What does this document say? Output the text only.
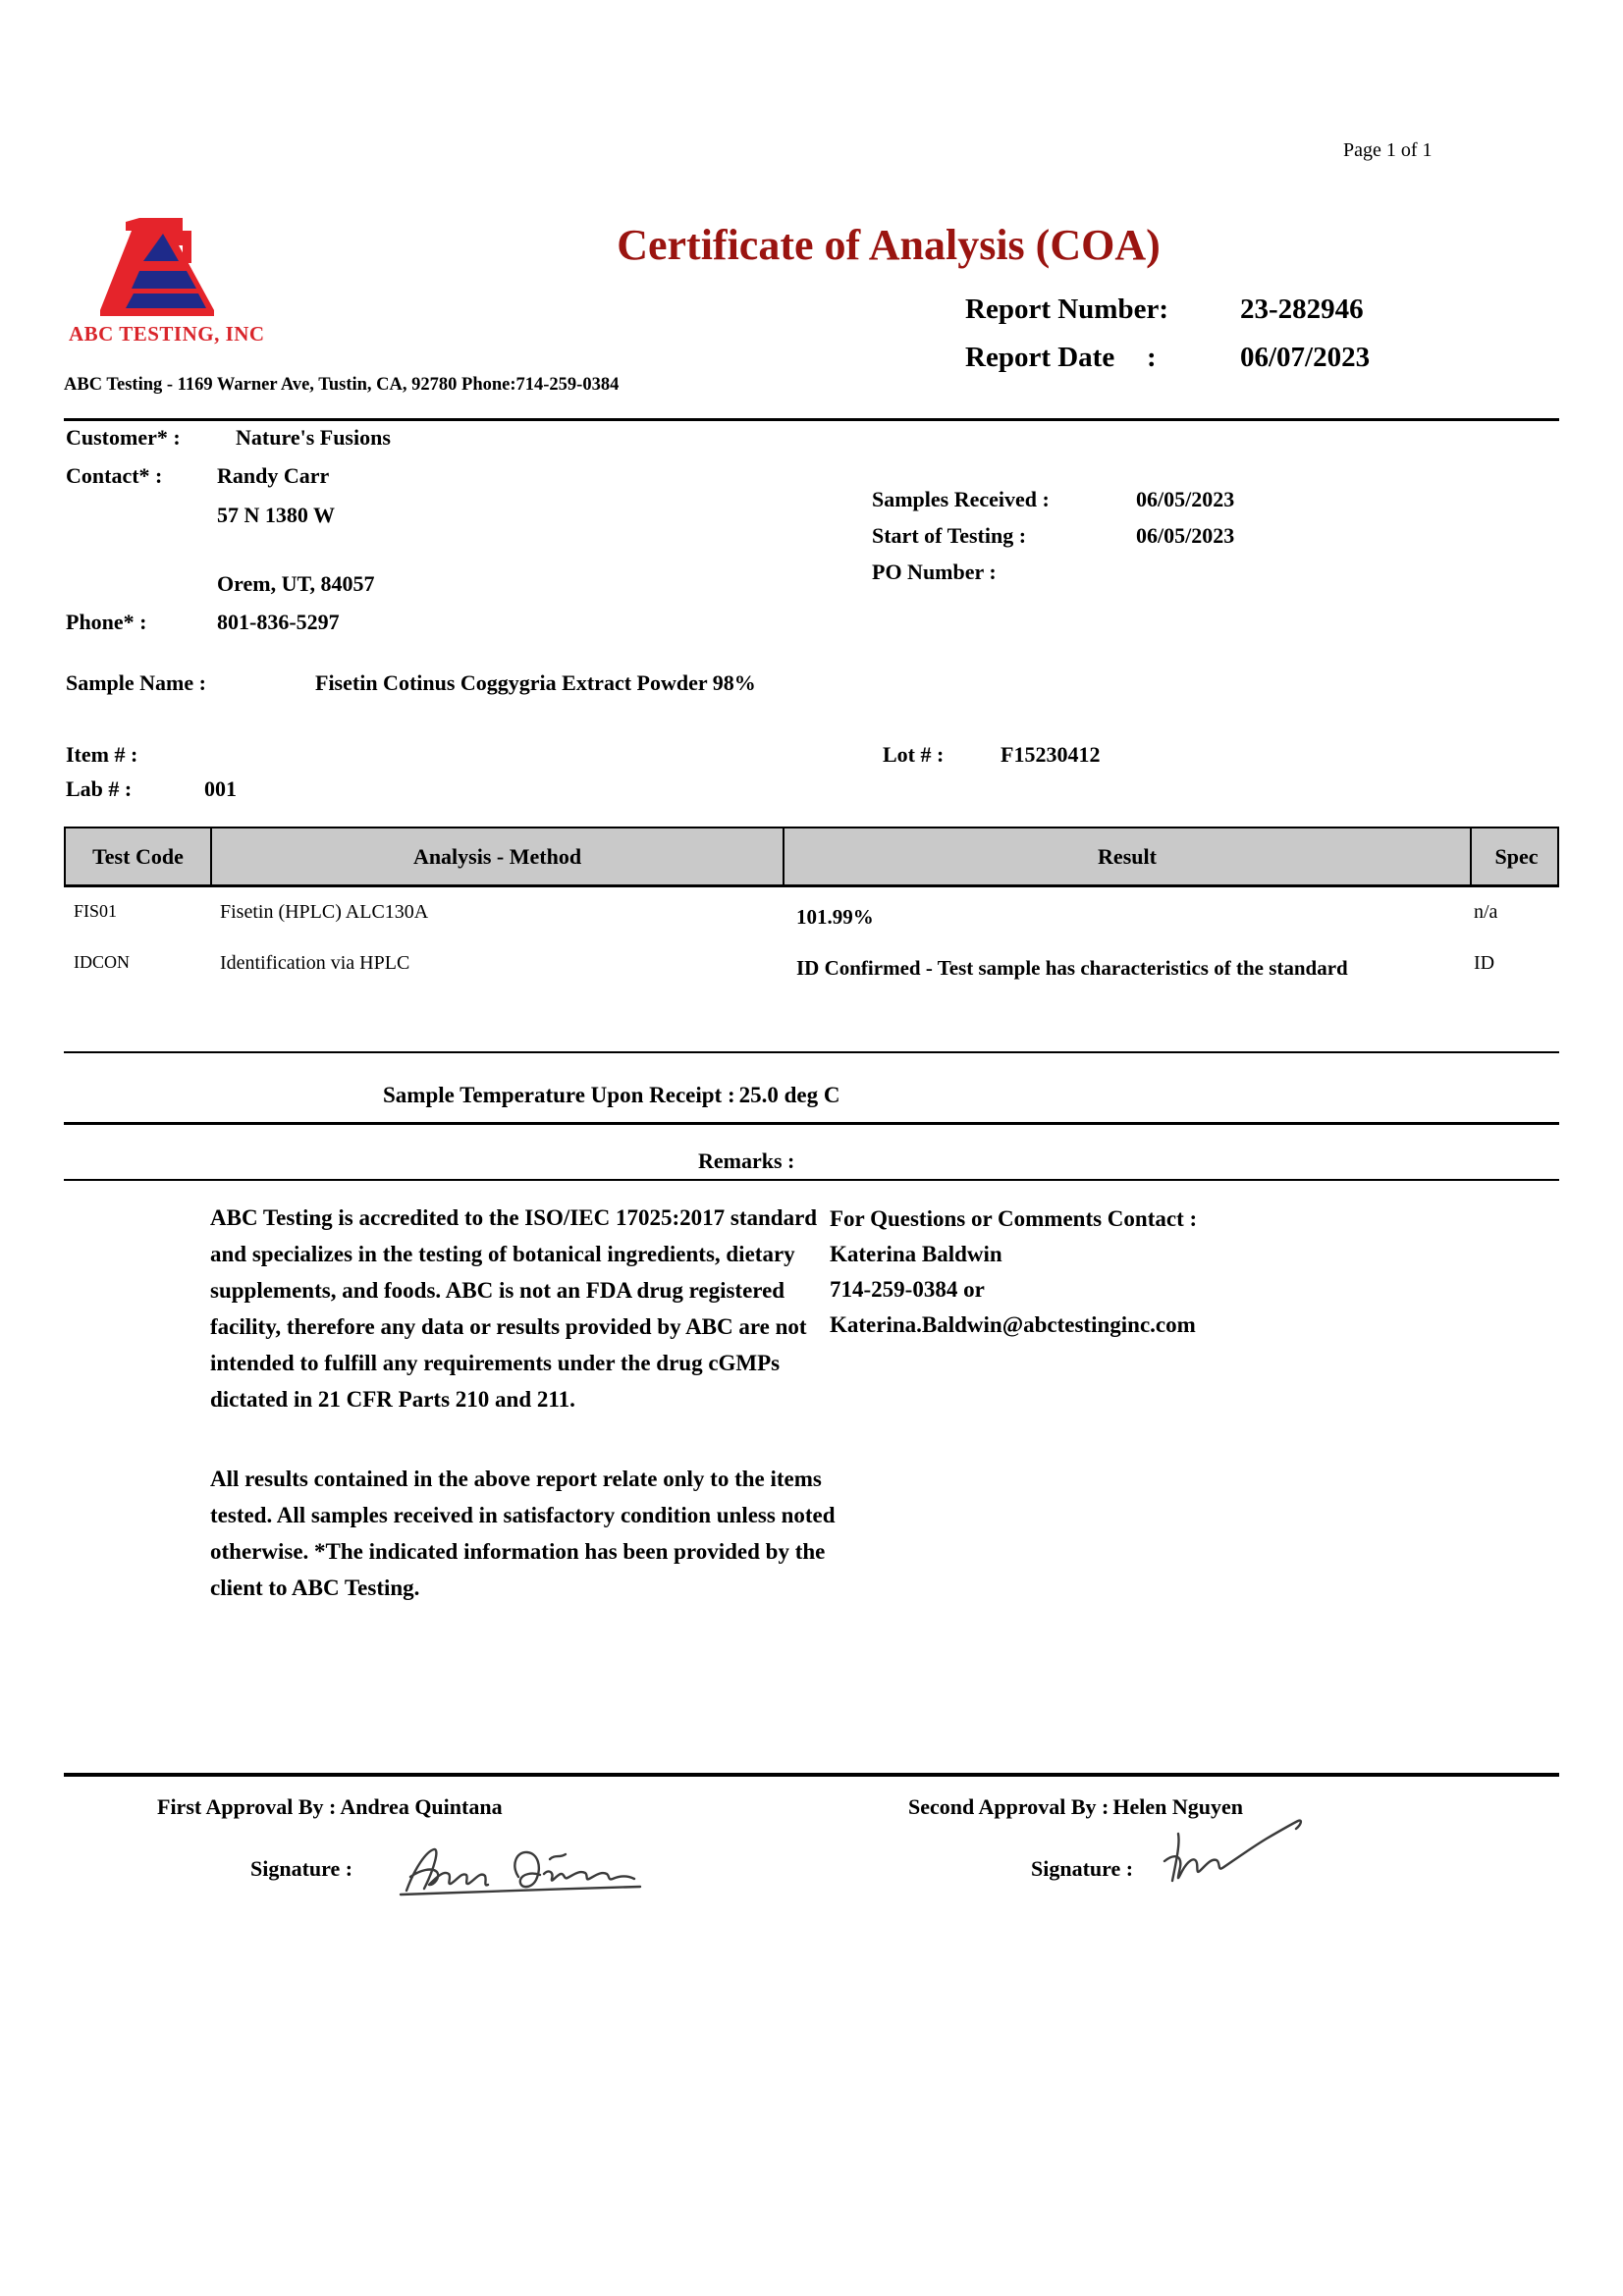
Page 1 of 1
ABC TESTING, INC
Certificate of Analysis (COA)
Report Number:	23-282946
Report Date :	06/07/2023
ABC Testing - 1169 Warner Ave, Tustin, CA, 92780 Phone:714-259-0384
Customer* :	Nature's Fusions
Contact* :	Randy Carr
57 N 1380 W
Orem, UT, 84057
Phone* :	801-836-5297
Samples Received :	06/05/2023
Start of Testing :	06/05/2023
PO Number :
Sample Name :	Fisetin Cotinus Coggygria Extract Powder 98%
Item # :	Lot # :	F15230412
Lab # :	001
Test Code	Analysis - Method	Result	Spec
FIS01	Fisetin (HPLC) ALC130A	101.99%	n/a
IDCON	Identification via HPLC	ID Confirmed - Test sample has characteristics of the standard	ID
Sample Temperature Upon Receipt : 25.0 deg C
Remarks :
ABC Testing is accredited to the ISO/IEC 17025:2017 standard and specializes in the testing of botanical ingredients, dietary supplements, and foods. ABC is not an FDA drug registered facility, therefore any data or results provided by ABC are not intended to fulfill any requirements under the drug cGMPs dictated in 21 CFR Parts 210 and 211.
For Questions or Comments Contact :
Katerina Baldwin
714-259-0384 or
Katerina.Baldwin@abctestinginc.com
All results contained in the above report relate only to the items tested. All samples received in satisfactory condition unless noted otherwise. *The indicated information has been provided by the client to ABC Testing.
First Approval By : Andrea Quintana	Second Approval By : Helen Nguyen
Signature :	Signature :
